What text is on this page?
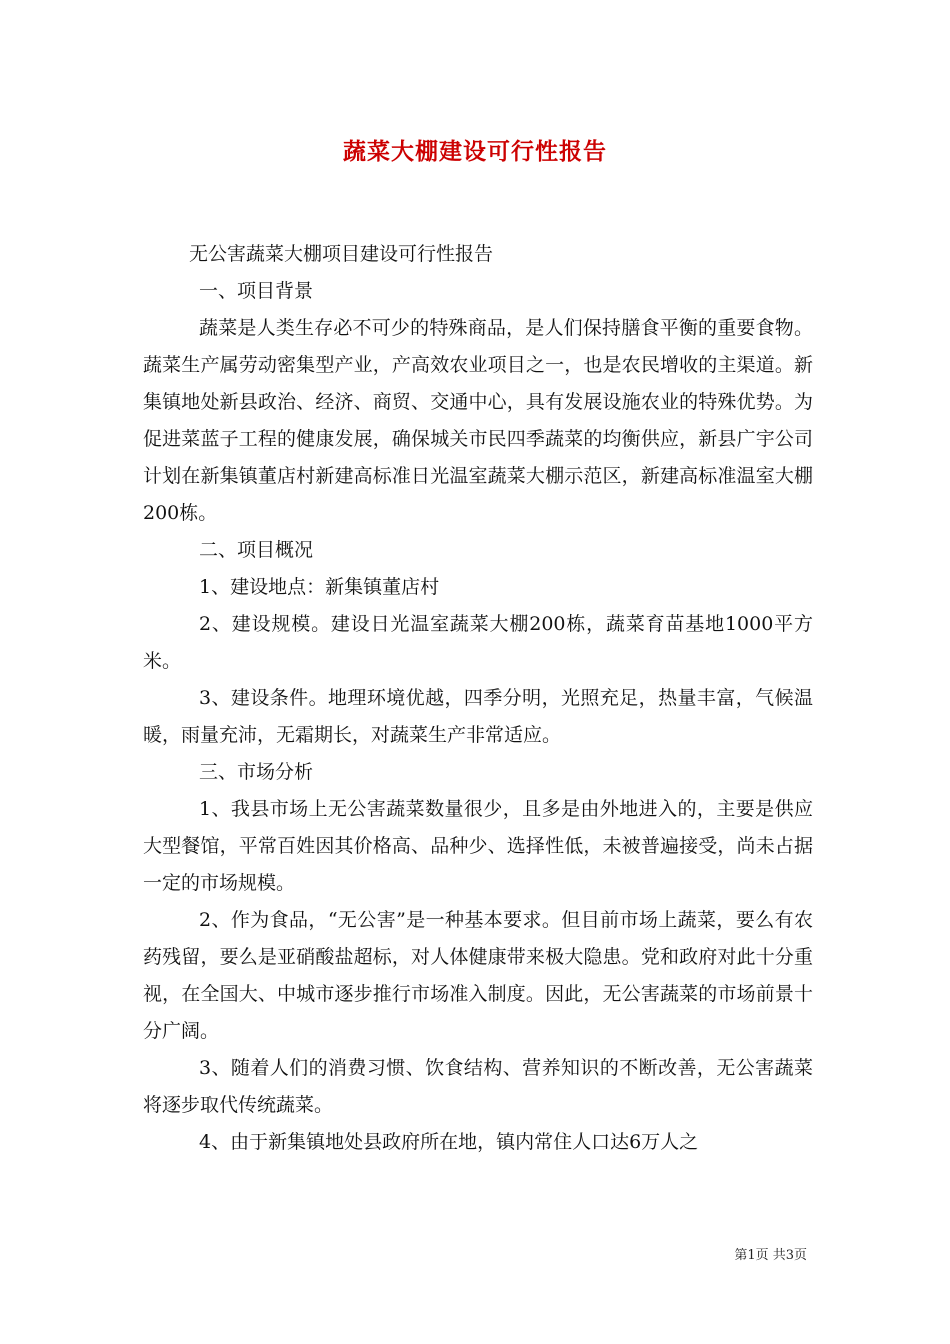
蔬菜大棚建设可行性报告

无公害蔬菜大棚项目建设可行性报告

一、项目背景

蔬菜是人类生存必不可少的特殊商品，是人们保持膳食平衡的重要食物。蔬菜生产属劳动密集型产业，产高效农业项目之一，也是农民增收的主渠道。新集镇地处新县政治、经济、商贸、交通中心，具有发展设施农业的特殊优势。为促进菜蓝子工程的健康发展，确保城关市民四季蔬菜的均衡供应，新县广宇公司计划在新集镇董店村新建高标准日光温室蔬菜大棚示范区，新建高标准温室大棚200栋。

二、项目概况

1、建设地点：新集镇董店村

2、建设规模。建设日光温室蔬菜大棚200栋，蔬菜育苗基地1000平方米。

3、建设条件。地理环境优越，四季分明，光照充足，热量丰富，气候温暖，雨量充沛，无霜期长，对蔬菜生产非常适应。

三、市场分析

1、我县市场上无公害蔬菜数量很少，且多是由外地进入的，主要是供应大型餐馆，平常百姓因其价格高、品种少、选择性低，未被普遍接受，尚未占据一定的市场规模。

2、作为食品，“无公害”是一种基本要求。但目前市场上蔬菜，要么有农药残留，要么是亚硝酸盐超标，对人体健康带来极大隐患。党和政府对此十分重视，在全国大、中城市逐步推行市场准入制度。因此，无公害蔬菜的市场前景十分广阔。

3、随着人们的消费习惯、饮食结构、营养知识的不断改善，无公害蔬菜将逐步取代传统蔬菜。

4、由于新集镇地处县政府所在地，镇内常住人口达6万人之

第1页 共3页
